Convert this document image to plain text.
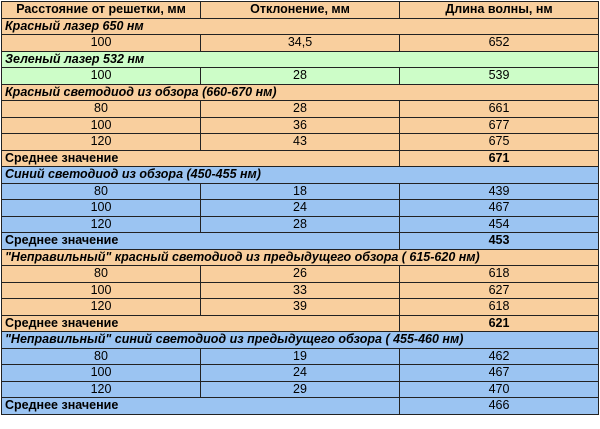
Расстояние от решетки, мм	Отклонение, мм	Длина волны, нм
Красный лазер 650 нм		
100	34,5	652
Зеленый лазер 532 нм		
100	28	539
Красный светодиод из обзора (660-670 нм)		
80	28	661
100	36	677
120	43	675
Среднее значение		671
Синий светодиод из обзора (450-455 нм)		
80	18	439
100	24	467
120	28	454
Среднее значение		453
"Неправильный" красный светодиод из предыдущего обзора ( 615-620 нм)		
80	26	618
100	33	627
120	39	618
Среднее значение		621
"Неправильный" синий светодиод из предыдущего обзора ( 455-460 нм)		
80	19	462
100	24	467
120	29	470
Среднее значение		466
